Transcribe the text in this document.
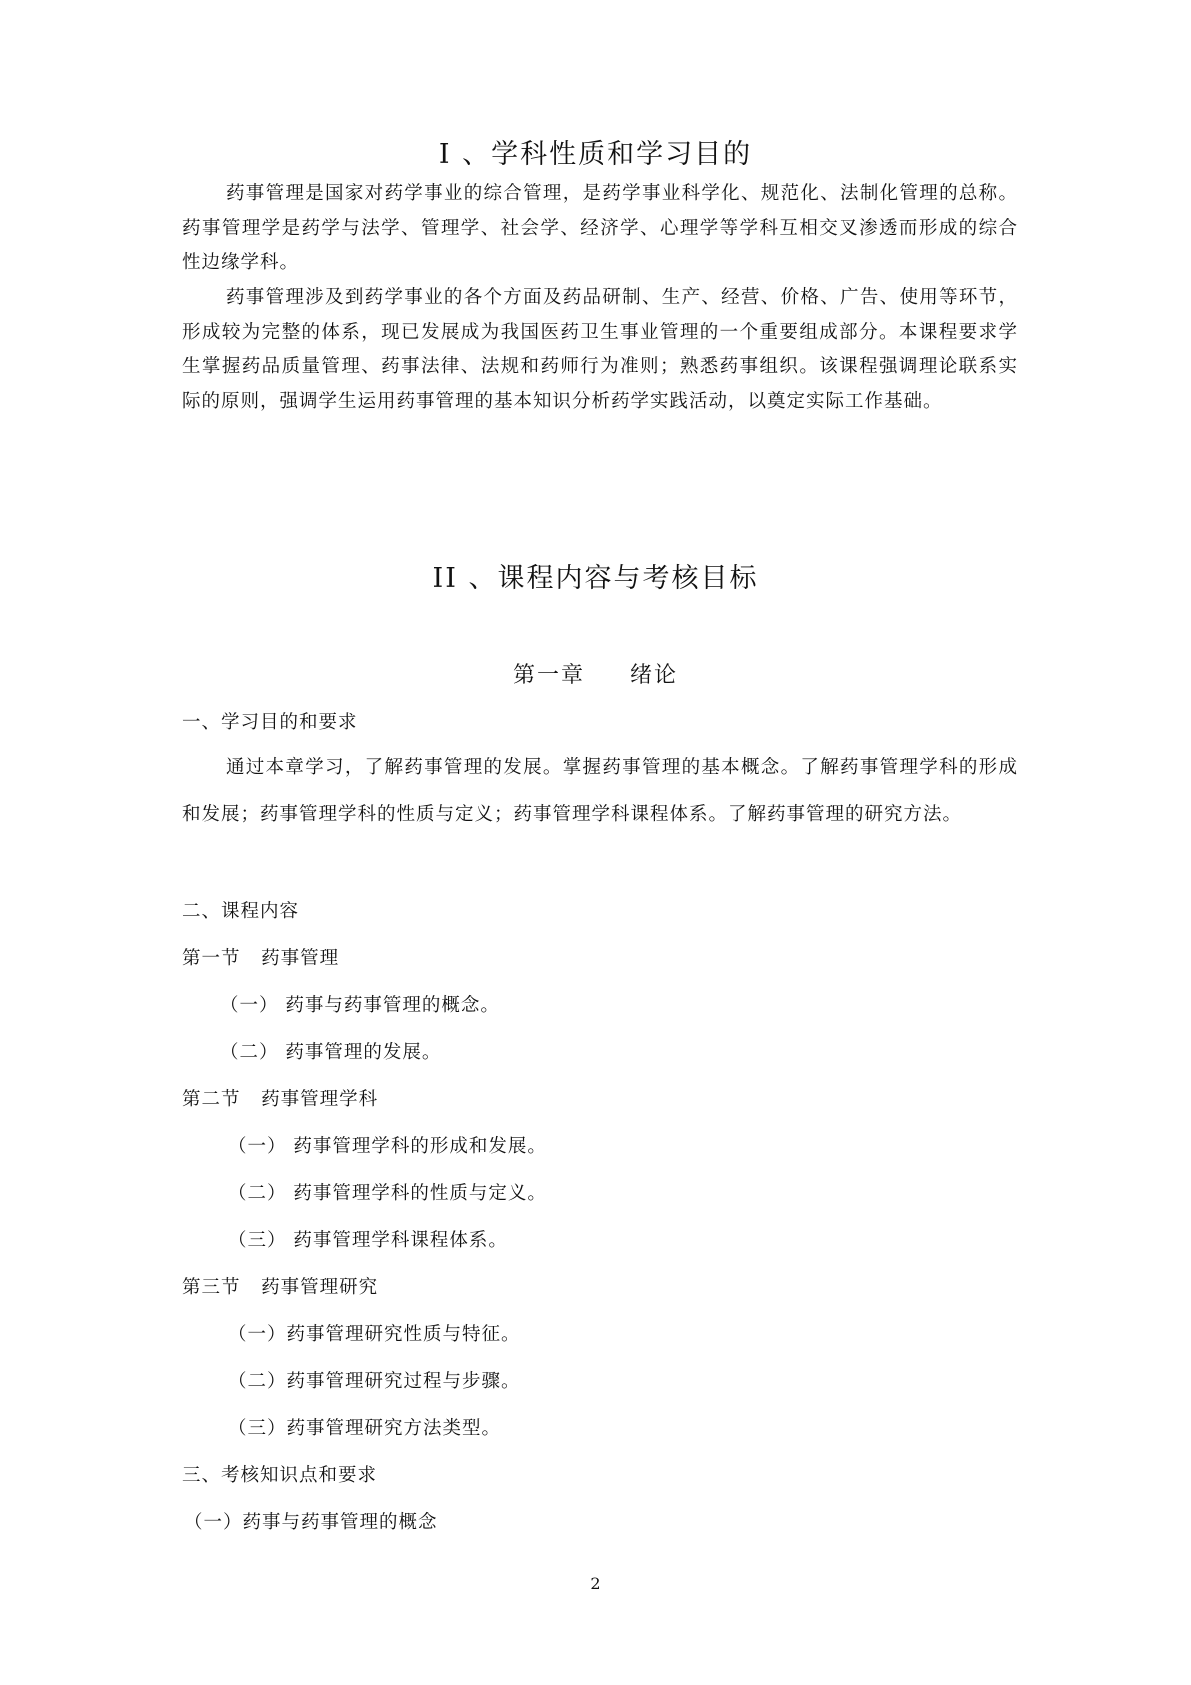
I 、学科性质和学习目的
药事管理是国家对药学事业的综合管理，是药学事业科学化、规范化、法制化管理的总称。药事管理学是药学与法学、管理学、社会学、经济学、心理学等学科互相交叉渗透而形成的综合性边缘学科。
药事管理涉及到药学事业的各个方面及药品研制、生产、经营、价格、广告、使用等环节，形成较为完整的体系，现已发展成为我国医药卫生事业管理的一个重要组成部分。本课程要求学生掌握药品质量管理、药事法律、法规和药师行为准则；熟悉药事组织。该课程强调理论联系实际的原则，强调学生运用药事管理的基本知识分析药学实践活动，以奠定实际工作基础。
II 、课程内容与考核目标
第一章     绪论
一、学习目的和要求
通过本章学习，了解药事管理的发展。掌握药事管理的基本概念。了解药事管理学科的形成和发展；药事管理学科的性质与定义；药事管理学科课程体系。了解药事管理的研究方法。
二、课程内容
第一节   药事管理
（一） 药事与药事管理的概念。
（二） 药事管理的发展。
第二节   药事管理学科
（一） 药事管理学科的形成和发展。
（二） 药事管理学科的性质与定义。
（三） 药事管理学科课程体系。
第三节   药事管理研究
（一）药事管理研究性质与特征。
（二）药事管理研究过程与步骤。
（三）药事管理研究方法类型。
三、考核知识点和要求
（一）药事与药事管理的概念
2
